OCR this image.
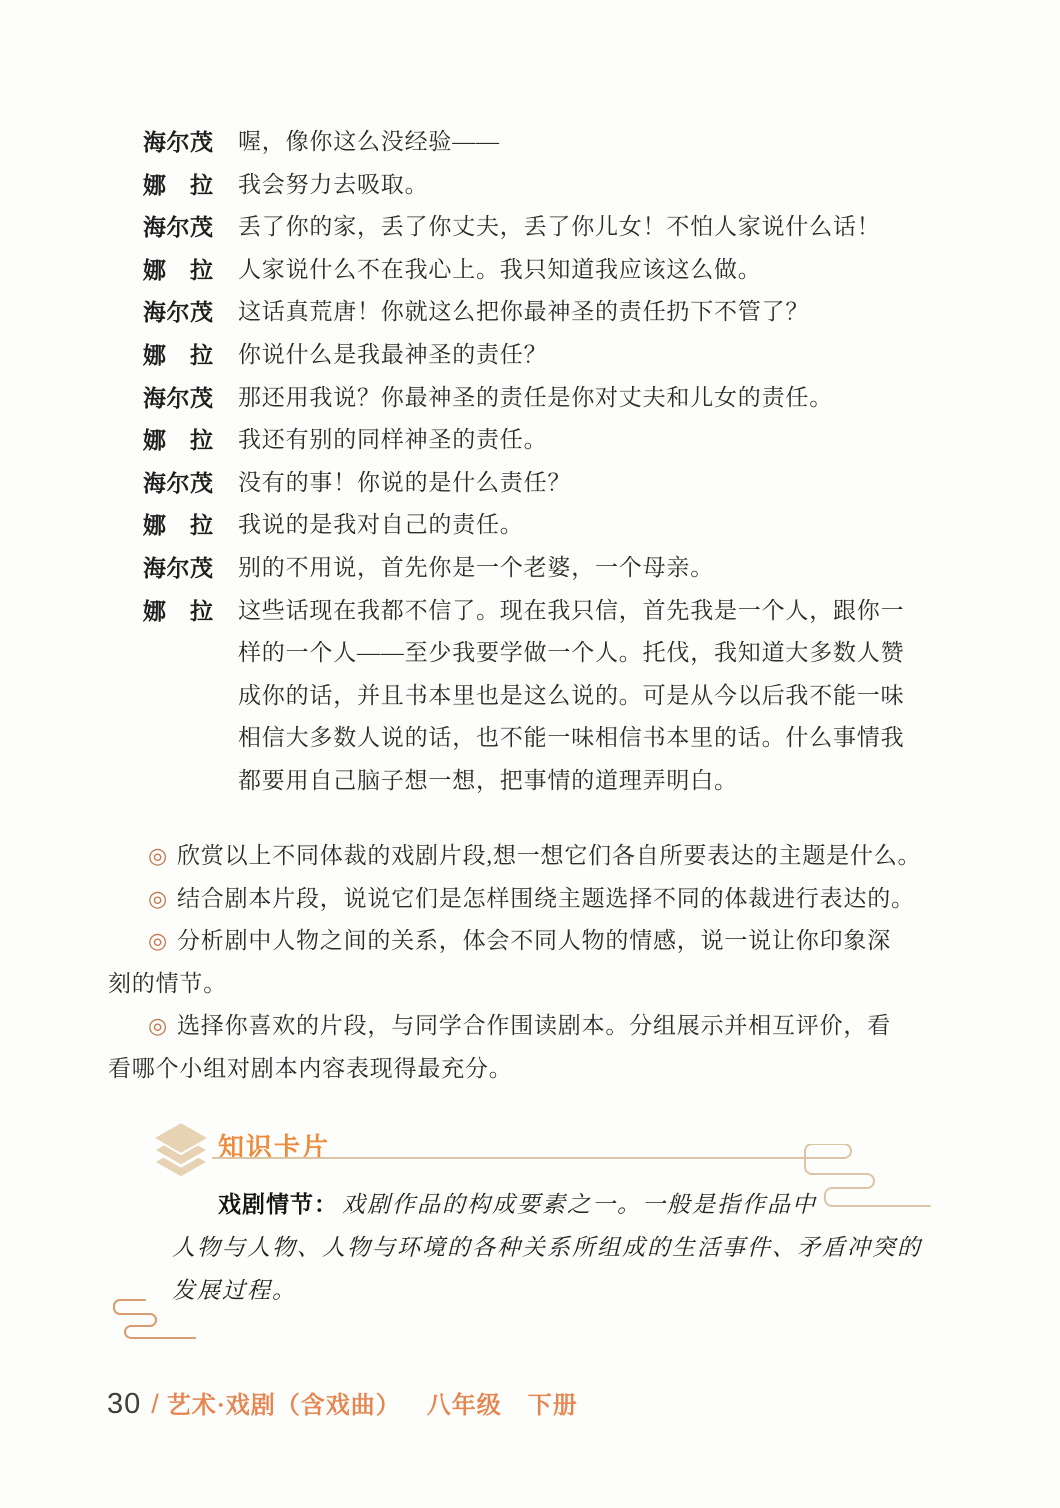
海尔茂	喔，像你这么没经验——
娜　拉	我会努力去吸取。
海尔茂	丢了你的家，丢了你丈夫，丢了你儿女！不怕人家说什么话！
娜　拉	人家说什么不在我心上。我只知道我应该这么做。
海尔茂	这话真荒唐！你就这么把你最神圣的责任扔下不管了？
娜　拉	你说什么是我最神圣的责任？
海尔茂	那还用我说？你最神圣的责任是你对丈夫和儿女的责任。
娜　拉	我还有别的同样神圣的责任。
海尔茂	没有的事！你说的是什么责任？
娜　拉	我说的是我对自己的责任。
海尔茂	别的不用说，首先你是一个老婆，一个母亲。
娜　拉	这些话现在我都不信了。现在我只信，首先我是一个人，跟你一
样的一个人——至少我要学做一个人。托伐，我知道大多数人赞
成你的话，并且书本里也是这么说的。可是从今以后我不能一味
相信大多数人说的话，也不能一味相信书本里的话。什么事情我
都要用自己脑子想一想，把事情的道理弄明白。
◎ 欣赏以上不同体裁的戏剧片段,想一想它们各自所要表达的主题是什么。
◎ 结合剧本片段，说说它们是怎样围绕主题选择不同的体裁进行表达的。
◎ 分析剧中人物之间的关系，体会不同人物的情感，说一说让你印象深
刻的情节。
◎ 选择你喜欢的片段，与同学合作围读剧本。分组展示并相互评价，看
看哪个小组对剧本内容表现得最充分。
知识卡片
戏剧情节： 戏剧作品的构成要素之一。一般是指作品中
人物与人物、人物与环境的各种关系所组成的生活事件、矛盾冲突的
发展过程。
30 / 艺术·戏剧（含戏曲） 八年级 下册
